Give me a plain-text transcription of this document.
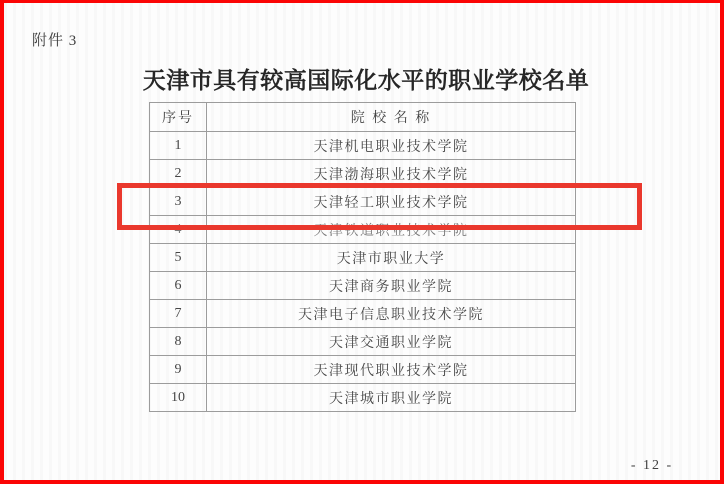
附件 3
天津市具有较高国际化水平的职业学校名单
序号	院 校 名 称
1	天津机电职业技术学院
2	天津渤海职业技术学院
3	天津轻工职业技术学院
4	天津铁道职业技术学院
5	天津市职业大学
6	天津商务职业学院
7	天津电子信息职业技术学院
8	天津交通职业学院
9	天津现代职业技术学院
10	天津城市职业学院
- 12 -
